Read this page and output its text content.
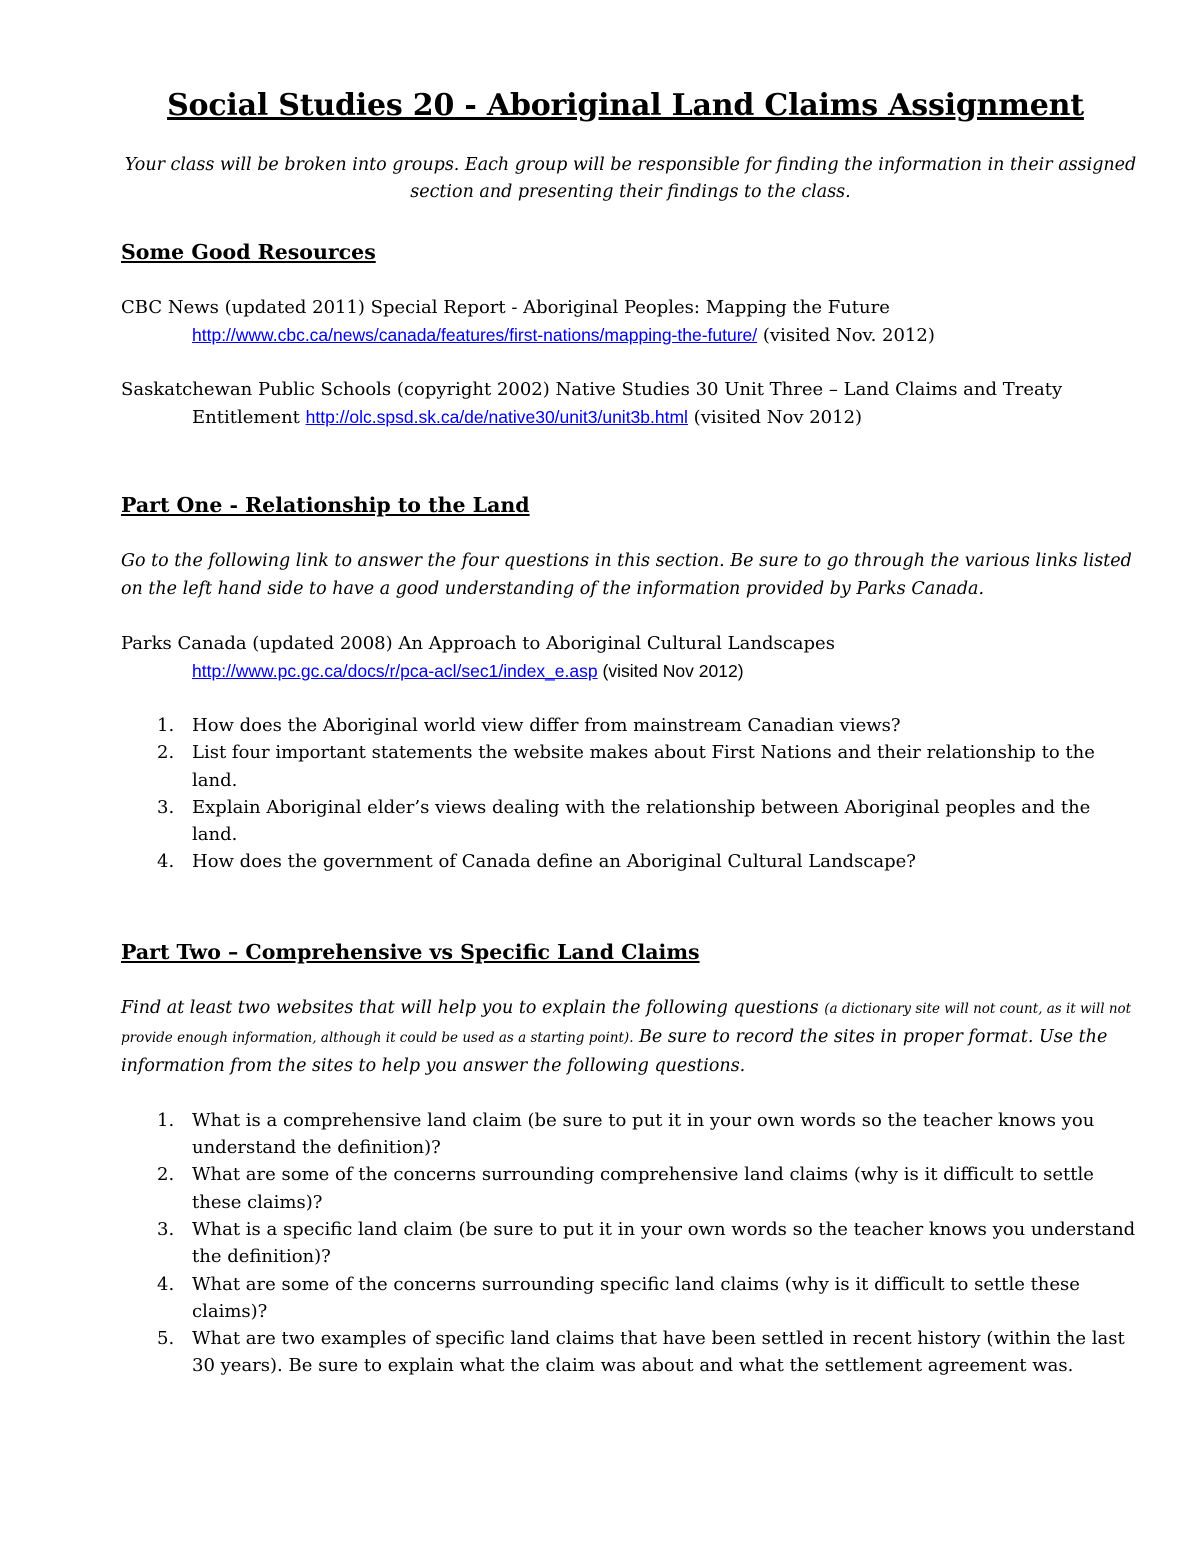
Social Studies 20 - Aboriginal Land Claims Assignment

Your class will be broken into groups. Each group will be responsible for finding the information in their assigned section and presenting their findings to the class.

Some Good Resources

CBC News (updated 2011) Special Report - Aboriginal Peoples: Mapping the Future http://www.cbc.ca/news/canada/features/first-nations/mapping-the-future/ (visited Nov. 2012)

Saskatchewan Public Schools (copyright 2002) Native Studies 30 Unit Three – Land Claims and Treaty Entitlement http://olc.spsd.sk.ca/de/native30/unit3/unit3b.html (visited Nov 2012)

Part One - Relationship to the Land

Go to the following link to answer the four questions in this section. Be sure to go through the various links listed on the left hand side to have a good understanding of the information provided by Parks Canada.

Parks Canada (updated 2008) An Approach to Aboriginal Cultural Landscapes
http://www.pc.gc.ca/docs/r/pca-acl/sec1/index_e.asp (visited Nov 2012)

1. How does the Aboriginal world view differ from mainstream Canadian views?
2. List four important statements the website makes about First Nations and their relationship to the land.
3. Explain Aboriginal elder’s views dealing with the relationship between Aboriginal peoples and the land.
4. How does the government of Canada define an Aboriginal Cultural Landscape?
Part Two – Comprehensive vs Specific Land Claims

Find at least two websites that will help you to explain the following questions (a dictionary site will not count, as it will not provide enough information, although it could be used as a starting point). Be sure to record the sites in proper format. Use the information from the sites to help you answer the following questions.

1. What is a comprehensive land claim (be sure to put it in your own words so the teacher knows you understand the definition)?
2. What are some of the concerns surrounding comprehensive land claims (why is it difficult to settle these claims)?
3. What is a specific land claim (be sure to put it in your own words so the teacher knows you understand the definition)?
4. What are some of the concerns surrounding specific land claims (why is it difficult to settle these claims)?
5. What are two examples of specific land claims that have been settled in recent history (within the last 30 years). Be sure to explain what the claim was about and what the settlement agreement was.
